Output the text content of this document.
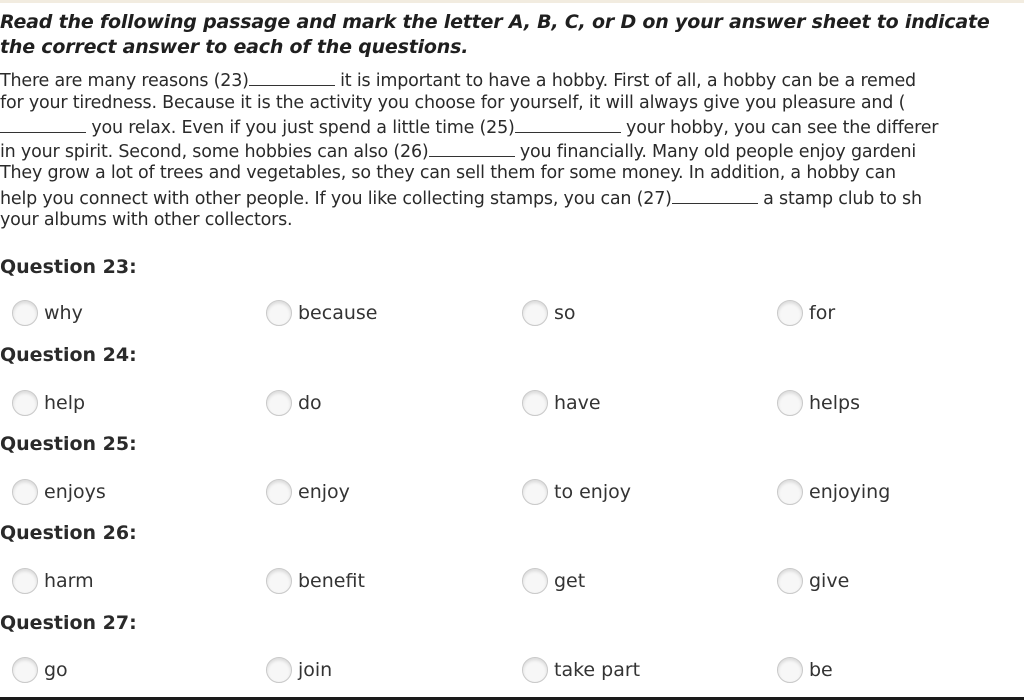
Read the following passage and mark the letter A, B, C, or D on your answer sheet to indicate the correct answer to each of the questions.
There are many reasons (23)	it is important to have a hobby. First of all, a hobby can be a remed
for your tiredness. Because it is the activity you choose for yourself, it will always give you pleasure and (
you relax. Even if you just spend a little time (25)	your hobby, you can see the differer
in your spirit. Second, some hobbies can also (26)	you financially. Many old people enjoy gardeni
They grow a lot of trees and vegetables, so they can sell them for some money. In addition, a hobby can
help you connect with other people. If you like collecting stamps, you can (27)	a stamp club to sh
your albums with other collectors.
Question 23:
why	because	so	for
Question 24:
help	do	have	helps
Question 25:
enjoys	enjoy	to enjoy	enjoying
Question 26:
harm	benefit	get	give
Question 27:
go	join	take part	be
